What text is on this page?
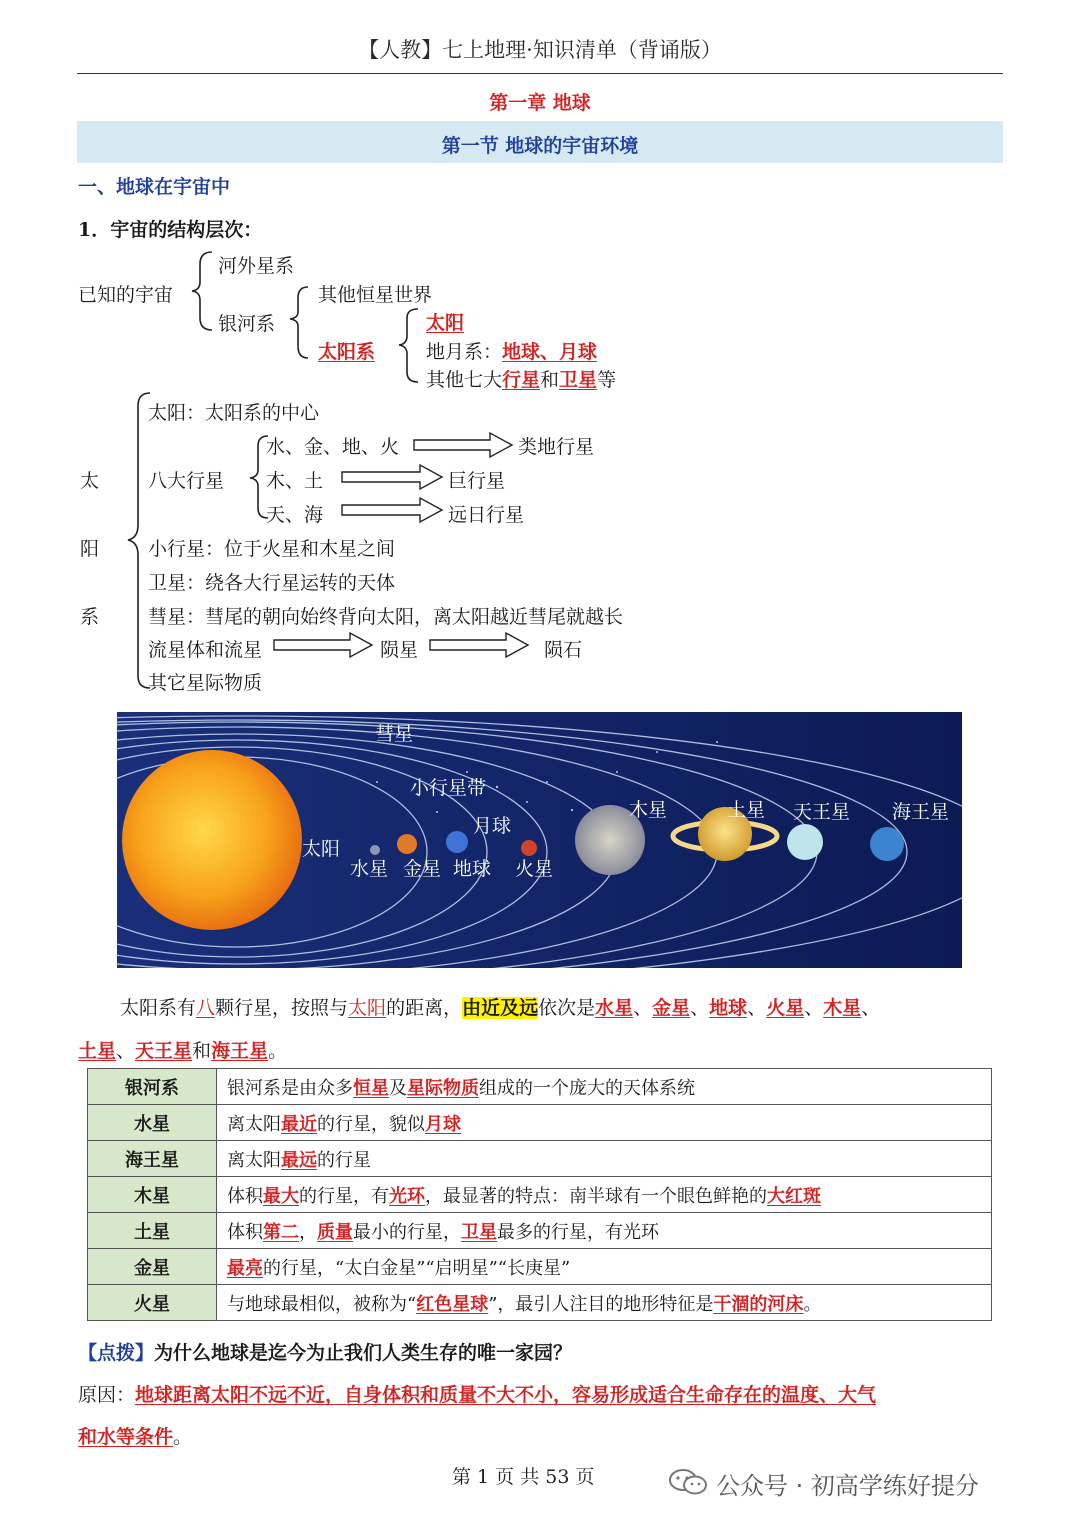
【人教】七上地理·知识清单（背诵版）
第一章 地球
第一节 地球的宇宙环境
一、地球在宇宙中
1．宇宙的结构层次：
已知的宇宙
河外星系
银河系
其他恒星世界
太阳系
太阳
地月系：地球、月球
其他七大行星和卫星等
太
阳
系
太阳：太阳系的中心
八大行星
水、金、地、火	类地行星
木、土	巨行星
天、海	远日行星
小行星：位于火星和木星之间
卫星：绕各大行星运转的天体
彗星：彗尾的朝向始终背向太阳，离太阳越近彗尾就越长
流星体和流星	陨星	陨石
其它星际物质
彗星
小行星带
月球
太阳
水星 金星 地球 火星
木星	土星 天王星 海王星
太阳系有八颗行星，按照与太阳的距离，由近及远依次是水星、金星、地球、火星、木星、
土星、天王星和海王星。
银河系	银河系是由众多恒星及星际物质组成的一个庞大的天体系统
水星	离太阳最近的行星，貌似月球
海王星	离太阳最远的行星
木星	体积最大的行星，有光环，最显著的特点：南半球有一个眼色鲜艳的大红斑
土星	体积第二，质量最小的行星，卫星最多的行星，有光环
金星	最亮的行星，“太白金星”“启明星”“长庚星”
火星	与地球最相似，被称为“红色星球”，最引人注目的地形特征是干涸的河床。
【点拨】为什么地球是迄今为止我们人类生存的唯一家园？
原因：地球距离太阳不远不近，自身体积和质量不大不小，容易形成适合生命存在的温度、大气
和水等条件。
第 1 页 共 53 页	公众号 · 初高学练好提分
